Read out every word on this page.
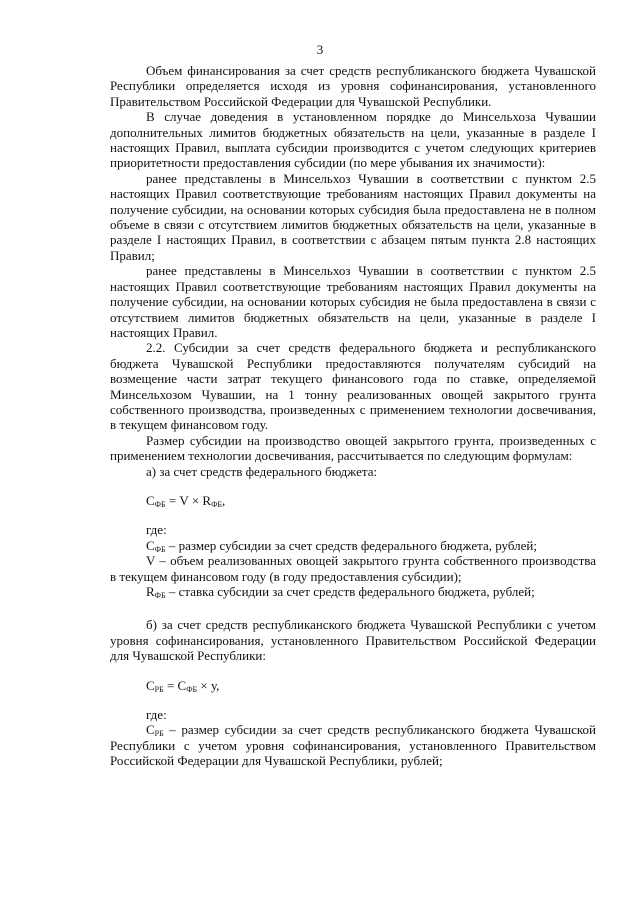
3

Объем финансирования за счет средств республиканского бюджета Чувашской Республики определяется исходя из уровня софинансирования, установленного Правительством Российской Федерации для Чувашской Республики.

В случае доведения в установленном порядке до Минсельхоза Чувашии дополнительных лимитов бюджетных обязательств на цели, указанные в разделе I настоящих Правил, выплата субсидии производится с учетом следующих критериев приоритетности предоставления субсидии (по мере убывания их значимости):

ранее представлены в Минсельхоз Чувашии в соответствии с пунктом 2.5 настоящих Правил соответствующие требованиям настоящих Правил документы на получение субсидии, на основании которых субсидия была предоставлена не в полном объеме в связи с отсутствием лимитов бюджетных обязательств на цели, указанные в разделе I настоящих Правил, в соответствии с абзацем пятым пункта 2.8 настоящих Правил;

ранее представлены в Минсельхоз Чувашии в соответствии с пунктом 2.5 настоящих Правил соответствующие требованиям настоящих Правил документы на получение субсидии, на основании которых субсидия не была предоставлена в связи с отсутствием лимитов бюджетных обязательств на цели, указанные в разделе I настоящих Правил.

2.2. Субсидии за счет средств федерального бюджета и республиканского бюджета Чувашской Республики предоставляются получателям субсидий на возмещение части затрат текущего финансового года по ставке, определяемой Минсельхозом Чувашии, на 1 тонну реализованных овощей закрытого грунта собственного производства, произведенных с применением технологии досвечивания, в текущем финансовом году.

Размер субсидии на производство овощей закрытого грунта, произведенных с применением технологии досвечивания, рассчитывается по следующим формулам:

а) за счет средств федерального бюджета:

$С_{ФБ} = V \times R_{ФБ}$,

где:

$С_{ФБ}$ – размер субсидии за счет средств федерального бюджета, рублей;

V – объем реализованных овощей закрытого грунта собственного производства в текущем финансовом году (в году предоставления субсидии);

$R_{ФБ}$ – ставка субсидии за счет средств федерального бюджета, рублей;

б) за счет средств республиканского бюджета Чувашской Республики с учетом уровня софинансирования, установленного Правительством Российской Федерации для Чувашской Республики:

$С_{РБ} = С_{ФБ} \times у$,

где:

$С_{РБ}$ – размер субсидии за счет средств республиканского бюджета Чувашской Республики с учетом уровня софинансирования, установленного Правительством Российской Федерации для Чувашской Республики, рублей;
